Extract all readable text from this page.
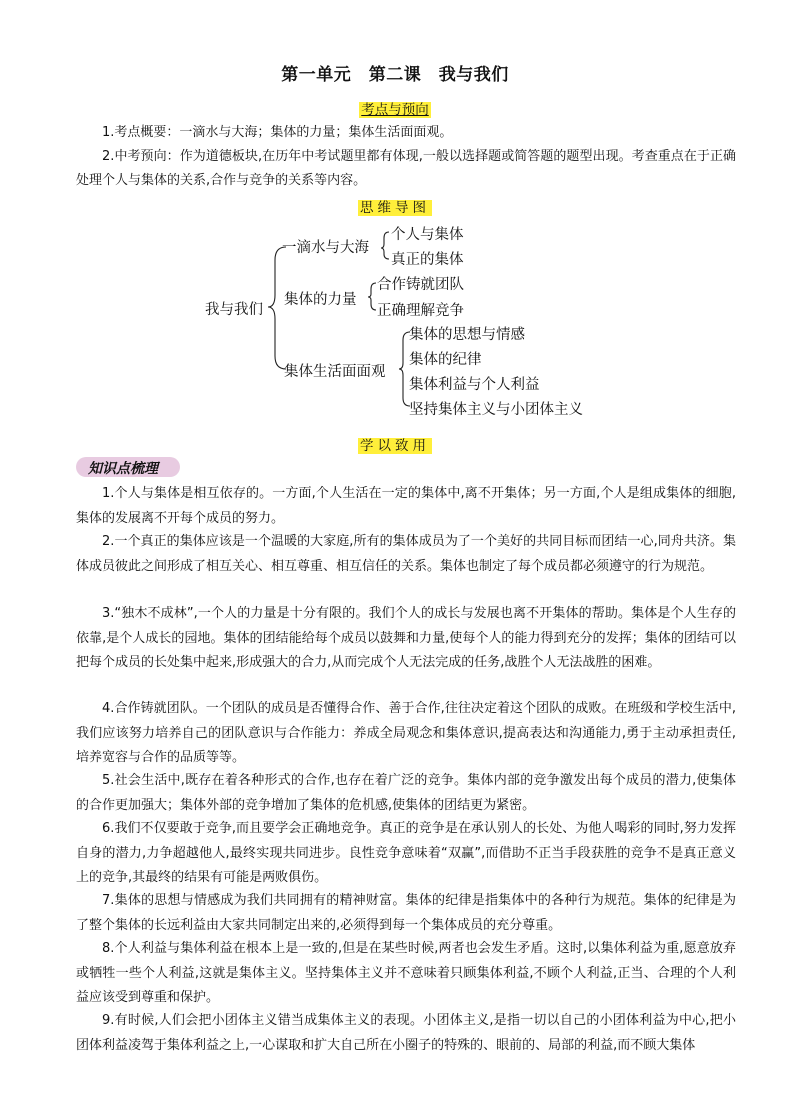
第一单元　第二课　我与我们
考点与预向
1.考点概要：一滴水与大海；集体的力量；集体生活面面观。
2.中考预向：作为道德板块,在历年中考试题里都有体现,一般以选择题或简答题的题型出现。考查重点在于正确处理个人与集体的关系,合作与竞争的关系等内容。
思维导图
我与我们
一滴水与大海
个人与集体
真正的集体
集体的力量
合作铸就团队
正确理解竞争
集体生活面面观
集体的思想与情感
集体的纪律
集体利益与个人利益
坚持集体主义与小团体主义
学以致用
知识点梳理
1.个人与集体是相互依存的。一方面,个人生活在一定的集体中,离不开集体；另一方面,个人是组成集体的细胞,集体的发展离不开每个成员的努力。
2.一个真正的集体应该是一个温暖的大家庭,所有的集体成员为了一个美好的共同目标而团结一心,同舟共济。集体成员彼此之间形成了相互关心、相互尊重、相互信任的关系。集体也制定了每个成员都必须遵守的行为规范。
3.“独木不成林”,一个人的力量是十分有限的。我们个人的成长与发展也离不开集体的帮助。集体是个人生存的依靠,是个人成长的园地。集体的团结能给每个成员以鼓舞和力量,使每个人的能力得到充分的发挥；集体的团结可以把每个成员的长处集中起来,形成强大的合力,从而完成个人无法完成的任务,战胜个人无法战胜的困难。
4.合作铸就团队。一个团队的成员是否懂得合作、善于合作,往往决定着这个团队的成败。在班级和学校生活中,我们应该努力培养自己的团队意识与合作能力：养成全局观念和集体意识,提高表达和沟通能力,勇于主动承担责任,培养宽容与合作的品质等等。
5.社会生活中,既存在着各种形式的合作,也存在着广泛的竞争。集体内部的竞争激发出每个成员的潜力,使集体的合作更加强大；集体外部的竞争增加了集体的危机感,使集体的团结更为紧密。
6.我们不仅要敢于竞争,而且要学会正确地竞争。真正的竞争是在承认别人的长处、为他人喝彩的同时,努力发挥自身的潜力,力争超越他人,最终实现共同进步。良性竞争意味着“双赢”,而借助不正当手段获胜的竞争不是真正意义上的竞争,其最终的结果有可能是两败俱伤。
7.集体的思想与情感成为我们共同拥有的精神财富。集体的纪律是指集体中的各种行为规范。集体的纪律是为了整个集体的长远利益由大家共同制定出来的,必须得到每一个集体成员的充分尊重。
8.个人利益与集体利益在根本上是一致的,但是在某些时候,两者也会发生矛盾。这时,以集体利益为重,愿意放弃或牺牲一些个人利益,这就是集体主义。坚持集体主义并不意味着只顾集体利益,不顾个人利益,正当、合理的个人利益应该受到尊重和保护。
9.有时候,人们会把小团体主义错当成集体主义的表现。小团体主义,是指一切以自己的小团体利益为中心,把小团体利益凌驾于集体利益之上,一心谋取和扩大自己所在小圈子的特殊的、眼前的、局部的利益,而不顾大集体
